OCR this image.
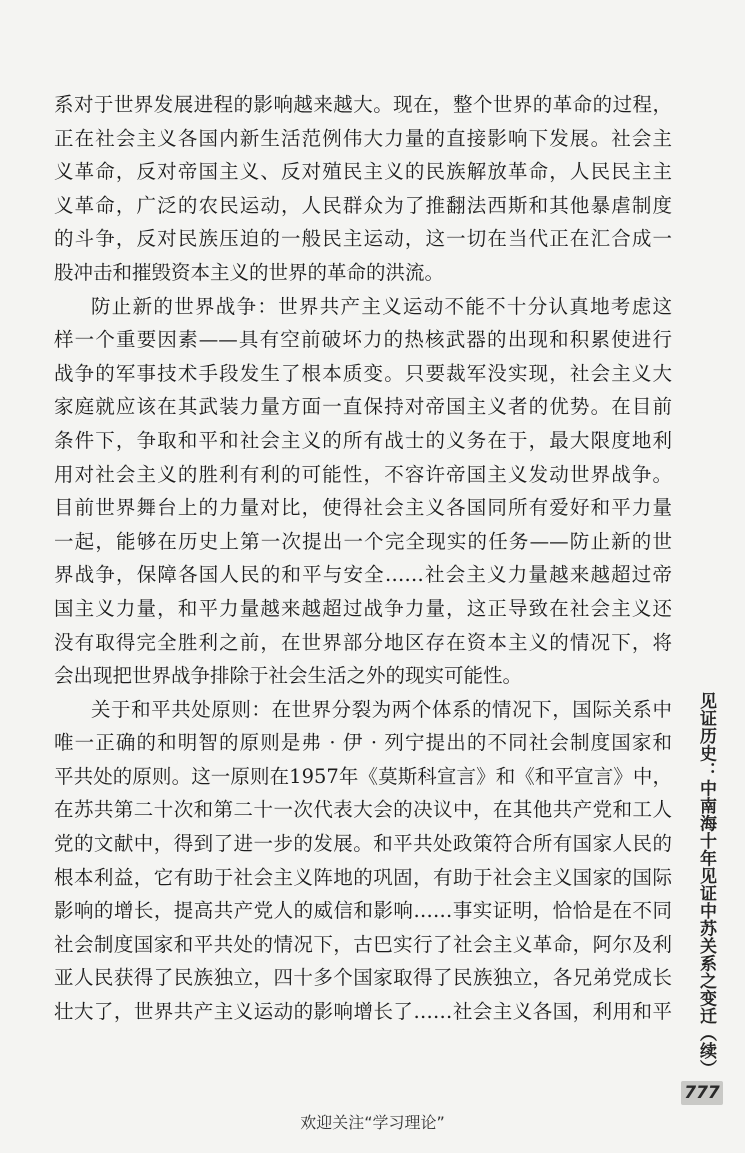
系对于世界发展进程的影响越来越大。现在，整个世界的革命的过程，
正在社会主义各国内新生活范例伟大力量的直接影响下发展。社会主
义革命，反对帝国主义、反对殖民主义的民族解放革命，人民民主主
义革命，广泛的农民运动，人民群众为了推翻法西斯和其他暴虐制度
的斗争，反对民族压迫的一般民主运动，这一切在当代正在汇合成一
股冲击和摧毁资本主义的世界的革命的洪流。
防止新的世界战争：世界共产主义运动不能不十分认真地考虑这
样一个重要因素——具有空前破坏力的热核武器的出现和积累使进行
战争的军事技术手段发生了根本质变。只要裁军没实现，社会主义大
家庭就应该在其武装力量方面一直保持对帝国主义者的优势。在目前
条件下，争取和平和社会主义的所有战士的义务在于，最大限度地利
用对社会主义的胜利有利的可能性，不容许帝国主义发动世界战争。
目前世界舞台上的力量对比，使得社会主义各国同所有爱好和平力量
一起，能够在历史上第一次提出一个完全现实的任务——防止新的世
界战争，保障各国人民的和平与安全……社会主义力量越来越超过帝
国主义力量，和平力量越来越超过战争力量，这正导致在社会主义还
没有取得完全胜利之前，在世界部分地区存在资本主义的情况下，将
会出现把世界战争排除于社会生活之外的现实可能性。
关于和平共处原则：在世界分裂为两个体系的情况下，国际关系中
唯一正确的和明智的原则是弗 · 伊 · 列宁提出的不同社会制度国家和
平共处的原则。这一原则在1957年《莫斯科宣言》和《和平宣言》中，
在苏共第二十次和第二十一次代表大会的决议中，在其他共产党和工人
党的文献中，得到了进一步的发展。和平共处政策符合所有国家人民的
根本利益，它有助于社会主义阵地的巩固，有助于社会主义国家的国际
影响的增长，提高共产党人的威信和影响……事实证明，恰恰是在不同
社会制度国家和平共处的情况下，古巴实行了社会主义革命，阿尔及利
亚人民获得了民族独立，四十多个国家取得了民族独立，各兄弟党成长
壮大了，世界共产主义运动的影响增长了……社会主义各国，利用和平	见证历史：中南海十年见证中苏关系之变迁（续）
777
欢迎关注“学习理论”
